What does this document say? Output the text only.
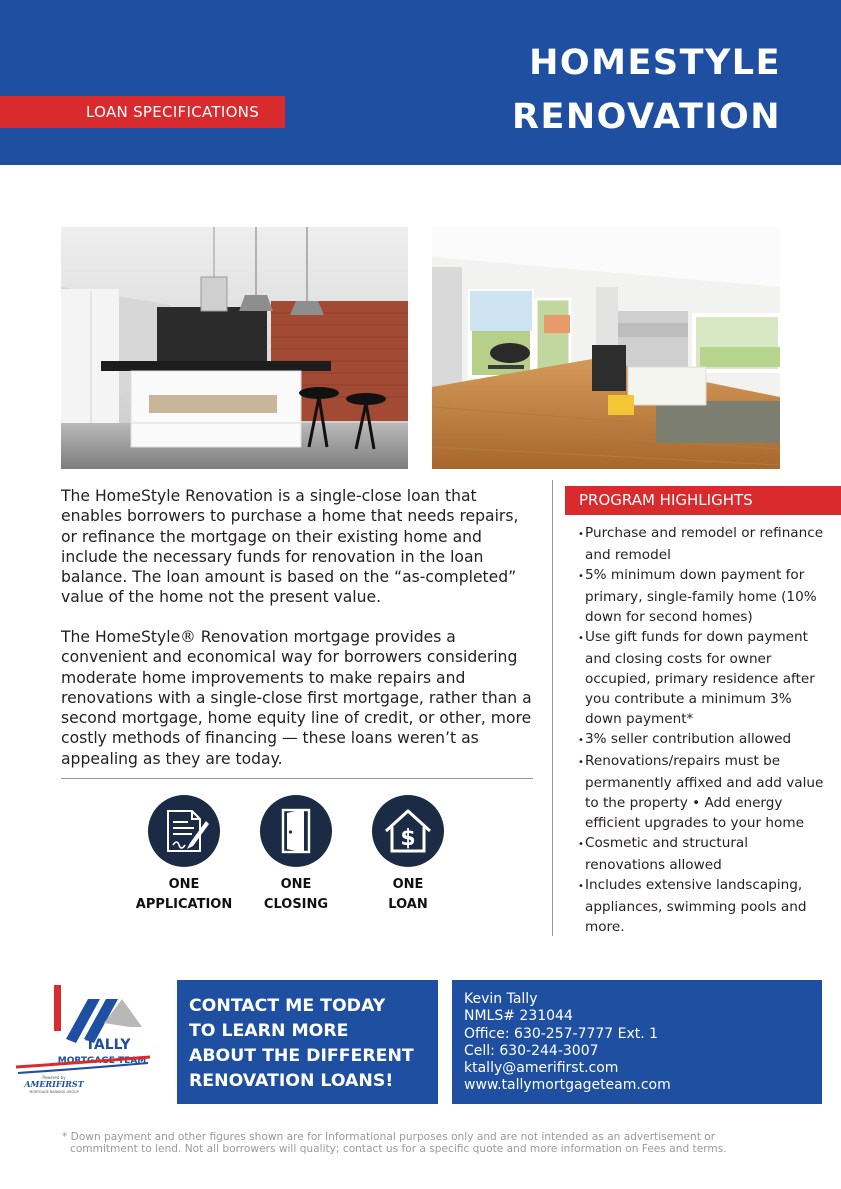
LOAN SPECIFICATIONS
HOMESTYLE
RENOVATION
The HomeStyle Renovation is a single-close loan that enables borrowers to purchase a home that needs repairs, or refinance the mortgage on their existing home and include the necessary funds for renovation in the loan balance. The loan amount is based on the “as-completed” value of the home not the present value.
The HomeStyle® Renovation mortgage provides a convenient and economical way for borrowers considering moderate home improvements to make repairs and renovations with a single-close first mortgage, rather than a second mortgage, home equity line of credit, or other, more costly methods of financing — these loans weren’t as appealing as they are today.
$
ONE
APPLICATION
ONE
CLOSING
ONE
LOAN
PROGRAM HIGHLIGHTS
• Purchase and remodel or refinance and remodel
• 5% minimum down payment for primary, single-family home (10% down for second homes)
• Use gift funds for down payment and closing costs for owner occupied, primary residence after you contribute a minimum 3% down payment*
• 3% seller contribution allowed
• Renovations/repairs must be permanently affixed and add value to the property • Add energy efficient upgrades to your home
• Cosmetic and structural renovations allowed
• Includes extensive landscaping, appliances, swimming pools and more.
TALLY
MORTGAGE TEAM
Powered by
AMERIFIRST
MORTGAGE BANKING GROUP
CONTACT ME TODAY
TO LEARN MORE
ABOUT THE DIFFERENT
RENOVATION LOANS!
Kevin Tally
NMLS# 231044
Office: 630-257-7777 Ext. 1
Cell: 630-244-3007
ktally@amerifirst.com
www.tallymortgageteam.com
* Down payment and other figures shown are for Informational purposes only and are not intended as an advertisement or
commitment to lend. Not all borrowers will quality; contact us for a specific quote and more information on Fees and terms.
